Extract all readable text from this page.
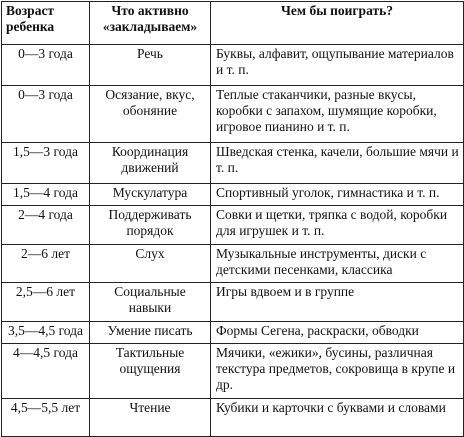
Возраст ребенка	Что активно «закладываем»	Чем бы поиграть?
0—3 года	Речь	Буквы, алфавит, ощупывание материалов и т. п.
0—3 года	Осязание, вкус, обоняние	Теплые стаканчики, разные вкусы, коробки с запахом, шумящие коробки, игровое пианино и т. п.
1,5—3 года	Координация движений	Шведская стенка, качели, большие мячи и т. п.
1,5—4 года	Мускулатура	Спортивный уголок, гимнастика и т. п.
2—4 года	Поддерживать порядок	Совки и щетки, тряпка с водой, коробки для игрушек и т. п.
2—6 лет	Слух	Музыкальные инструменты, диски с детскими песенками, классика
2,5—6 лет	Социальные навыки	Игры вдвоем и в группе
3,5—4,5 года	Умение писать	Формы Сегена, раскраски, обводки
4—4,5 года	Тактильные ощущения	Мячики, «ежики», бусины, различная текстура предметов, сокровища в крупе и др.
4,5—5,5 лет	Чтение	Кубики и карточки с буквами и словами
